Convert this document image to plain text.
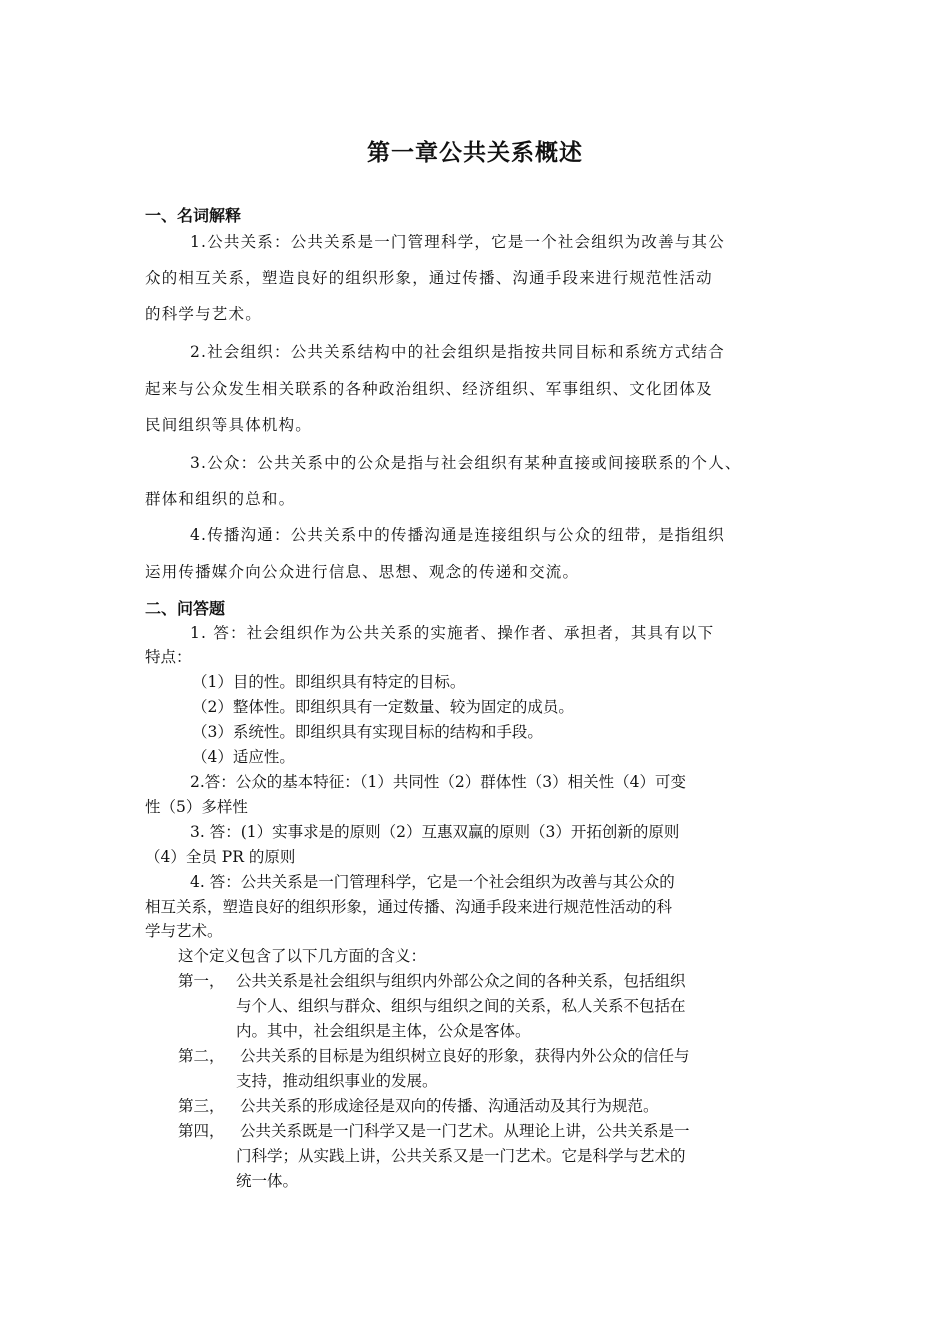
第一章公共关系概述
一、名词解释
1.公共关系：公共关系是一门管理科学，它是一个社会组织为改善与其公
众的相互关系，塑造良好的组织形象，通过传播、沟通手段来进行规范性活动
的科学与艺术。
2.社会组织：公共关系结构中的社会组织是指按共同目标和系统方式结合
起来与公众发生相关联系的各种政治组织、经济组织、军事组织、文化团体及
民间组织等具体机构。
3.公众：公共关系中的公众是指与社会组织有某种直接或间接联系的个人、
群体和组织的总和。
4.传播沟通：公共关系中的传播沟通是连接组织与公众的纽带，是指组织
运用传播媒介向公众进行信息、思想、观念的传递和交流。
二、问答题
1. 答：社会组织作为公共关系的实施者、操作者、承担者，其具有以下
特点：
（1）目的性。即组织具有特定的目标。
（2）整体性。即组织具有一定数量、较为固定的成员。
（3）系统性。即组织具有实现目标的结构和手段。
（4）适应性。
2.答：公众的基本特征：（1）共同性（2）群体性（3）相关性（4）可变
性（5）多样性
3. 答：(1）实事求是的原则（2）互惠双赢的原则（3）开拓创新的原则
（4）全员 PR 的原则
4. 答：公共关系是一门管理科学，它是一个社会组织为改善与其公众的
相互关系，塑造良好的组织形象，通过传播、沟通手段来进行规范性活动的科
学与艺术。
这个定义包含了以下几方面的含义：
第一， 公共关系是社会组织与组织内外部公众之间的各种关系，包括组织
与个人、组织与群众、组织与组织之间的关系，私人关系不包括在
内。其中，社会组织是主体，公众是客体。
第二， 公共关系的目标是为组织树立良好的形象，获得内外公众的信任与
支持，推动组织事业的发展。
第三， 公共关系的形成途径是双向的传播、沟通活动及其行为规范。
第四， 公共关系既是一门科学又是一门艺术。从理论上讲，公共关系是一
门科学；从实践上讲，公共关系又是一门艺术。它是科学与艺术的
统一体。
